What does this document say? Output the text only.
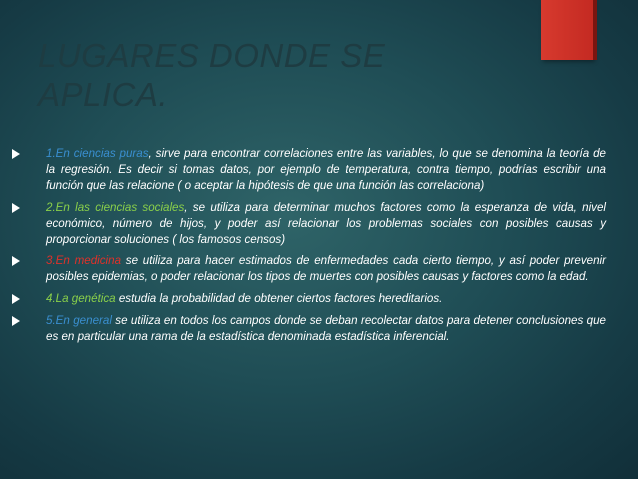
LUGARES DONDE SE APLICA.
1.En ciencias puras, sirve para encontrar correlaciones entre las variables, lo que se denomina la teoría de la regresión. Es decir si tomas datos, por ejemplo de temperatura, contra tiempo, podrías escribir una función que las relacione ( o aceptar la hipótesis de que una función las correlaciona)
2.En las ciencias sociales, se utiliza para determinar muchos factores como la esperanza de vida, nivel económico, número de hijos, y poder así relacionar los problemas sociales con posibles causas y proporcionar soluciones ( los famosos censos)
3.En medicina se utiliza para hacer estimados de enfermedades cada cierto tiempo, y así poder prevenir posibles epidemias, o poder relacionar los tipos de muertes con posibles causas y factores como la edad.
4.La genética estudia la probabilidad de obtener ciertos factores hereditarios.
5.En general se utiliza en todos los campos donde se deban recolectar datos para detener conclusiones que es en particular una rama de la estadística denominada estadística inferencial.
